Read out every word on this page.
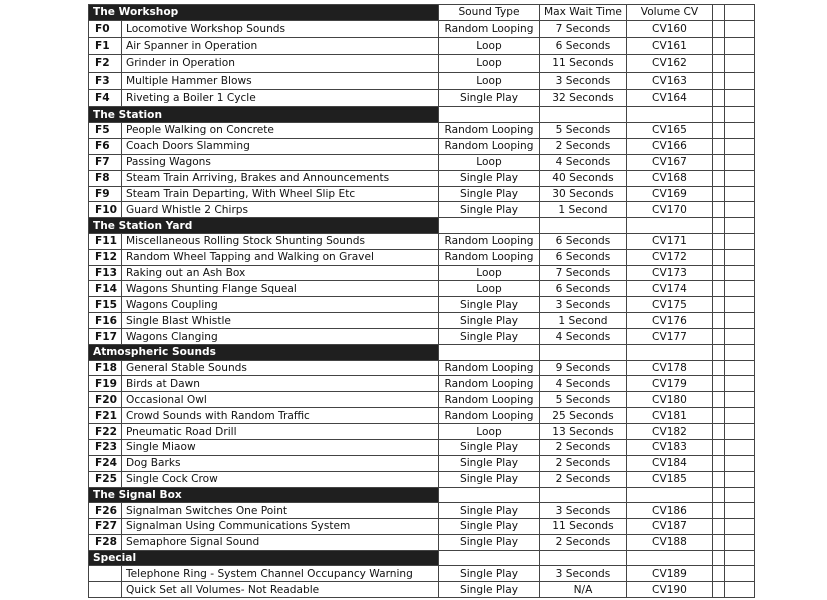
The Workshop		Sound Type	Max Wait Time	Volume CV		
F0	Locomotive Workshop Sounds	Random Looping	7 Seconds	CV160		
F1	Air Spanner in Operation	Loop	6 Seconds	CV161		
F2	Grinder in Operation	Loop	11 Seconds	CV162		
F3	Multiple Hammer Blows	Loop	3 Seconds	CV163		
F4	Riveting a Boiler 1 Cycle	Single Play	32 Seconds	CV164		
The Station						
F5	People Walking on Concrete	Random Looping	5 Seconds	CV165		
F6	Coach Doors Slamming	Random Looping	2 Seconds	CV166		
F7	Passing Wagons	Loop	4 Seconds	CV167		
F8	Steam Train Arriving, Brakes and Announcements	Single Play	40 Seconds	CV168		
F9	Steam Train Departing, With Wheel Slip Etc	Single Play	30 Seconds	CV169		
F10	Guard Whistle 2 Chirps	Single Play	1 Second	CV170		
The Station Yard						
F11	Miscellaneous Rolling Stock Shunting Sounds	Random Looping	6 Seconds	CV171		
F12	Random Wheel Tapping and Walking on Gravel	Random Looping	6 Seconds	CV172		
F13	Raking out an Ash Box	Loop	7 Seconds	CV173		
F14	Wagons Shunting Flange Squeal	Loop	6 Seconds	CV174		
F15	Wagons Coupling	Single Play	3 Seconds	CV175		
F16	Single Blast Whistle	Single Play	1 Second	CV176		
F17	Wagons Clanging	Single Play	4 Seconds	CV177		
Atmospheric Sounds						
F18	General Stable Sounds	Random Looping	9 Seconds	CV178		
F19	Birds at Dawn	Random Looping	4 Seconds	CV179		
F20	Occasional Owl	Random Looping	5 Seconds	CV180		
F21	Crowd Sounds with Random Traffic	Random Looping	25 Seconds	CV181		
F22	Pneumatic Road Drill	Loop	13 Seconds	CV182		
F23	Single Miaow	Single Play	2 Seconds	CV183		
F24	Dog Barks	Single Play	2 Seconds	CV184		
F25	Single Cock Crow	Single Play	2 Seconds	CV185		
The Signal Box						
F26	Signalman Switches One Point	Single Play	3 Seconds	CV186		
F27	Signalman Using Communications System	Single Play	11 Seconds	CV187		
F28	Semaphore Signal Sound	Single Play	2 Seconds	CV188		
Special						
	Telephone Ring - System Channel Occupancy Warning	Single Play	3 Seconds	CV189		
	Quick Set all Volumes- Not Readable	Single Play	N/A	CV190		
